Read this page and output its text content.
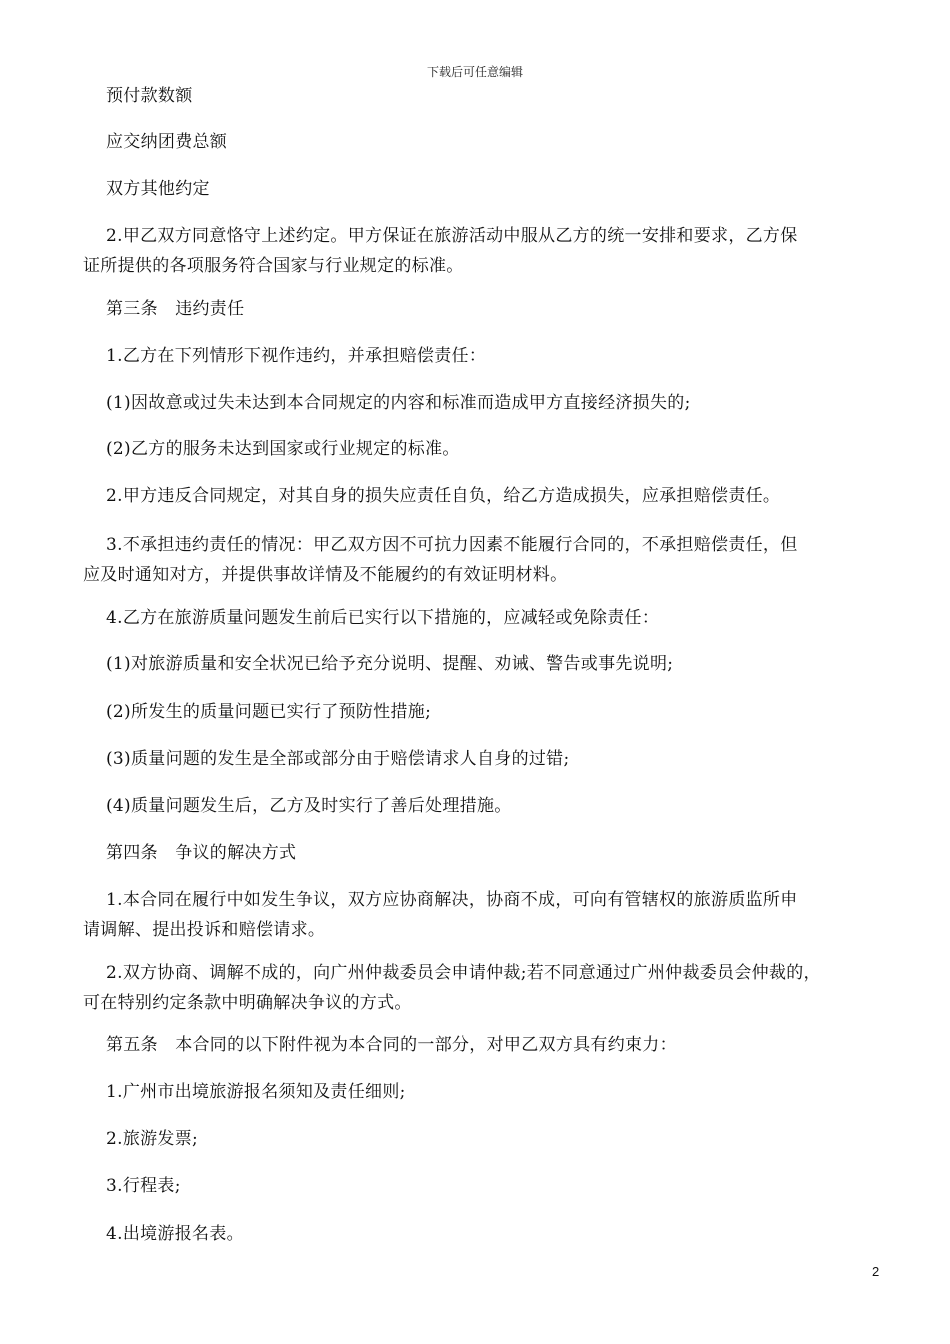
下载后可任意编辑

预付款数额

应交纳团费总额

双方其他约定

2.甲乙双方同意恪守上述约定。甲方保证在旅游活动中服从乙方的统一安排和要求，乙方保
证所提供的各项服务符合国家与行业规定的标准。

第三条　违约责任

1.乙方在下列情形下视作违约，并承担赔偿责任：

(1)因故意或过失未达到本合同规定的内容和标准而造成甲方直接经济损失的;

(2)乙方的服务未达到国家或行业规定的标准。

2.甲方违反合同规定，对其自身的损失应责任自负，给乙方造成损失，应承担赔偿责任。

3.不承担违约责任的情况：甲乙双方因不可抗力因素不能履行合同的，不承担赔偿责任，但
应及时通知对方，并提供事故详情及不能履约的有效证明材料。

4.乙方在旅游质量问题发生前后已实行以下措施的，应减轻或免除责任：

(1)对旅游质量和安全状况已给予充分说明、提醒、劝诫、警告或事先说明;

(2)所发生的质量问题已实行了预防性措施;

(3)质量问题的发生是全部或部分由于赔偿请求人自身的过错;

(4)质量问题发生后，乙方及时实行了善后处理措施。

第四条　争议的解决方式

1.本合同在履行中如发生争议，双方应协商解决，协商不成，可向有管辖权的旅游质监所申
请调解、提出投诉和赔偿请求。

2.双方协商、调解不成的，向广州仲裁委员会申请仲裁;若不同意通过广州仲裁委员会仲裁的，
可在特别约定条款中明确解决争议的方式。

第五条　本合同的以下附件视为本合同的一部分，对甲乙双方具有约束力：

1.广州市出境旅游报名须知及责任细则;

2.旅游发票;

3.行程表;

4.出境游报名表。

2
